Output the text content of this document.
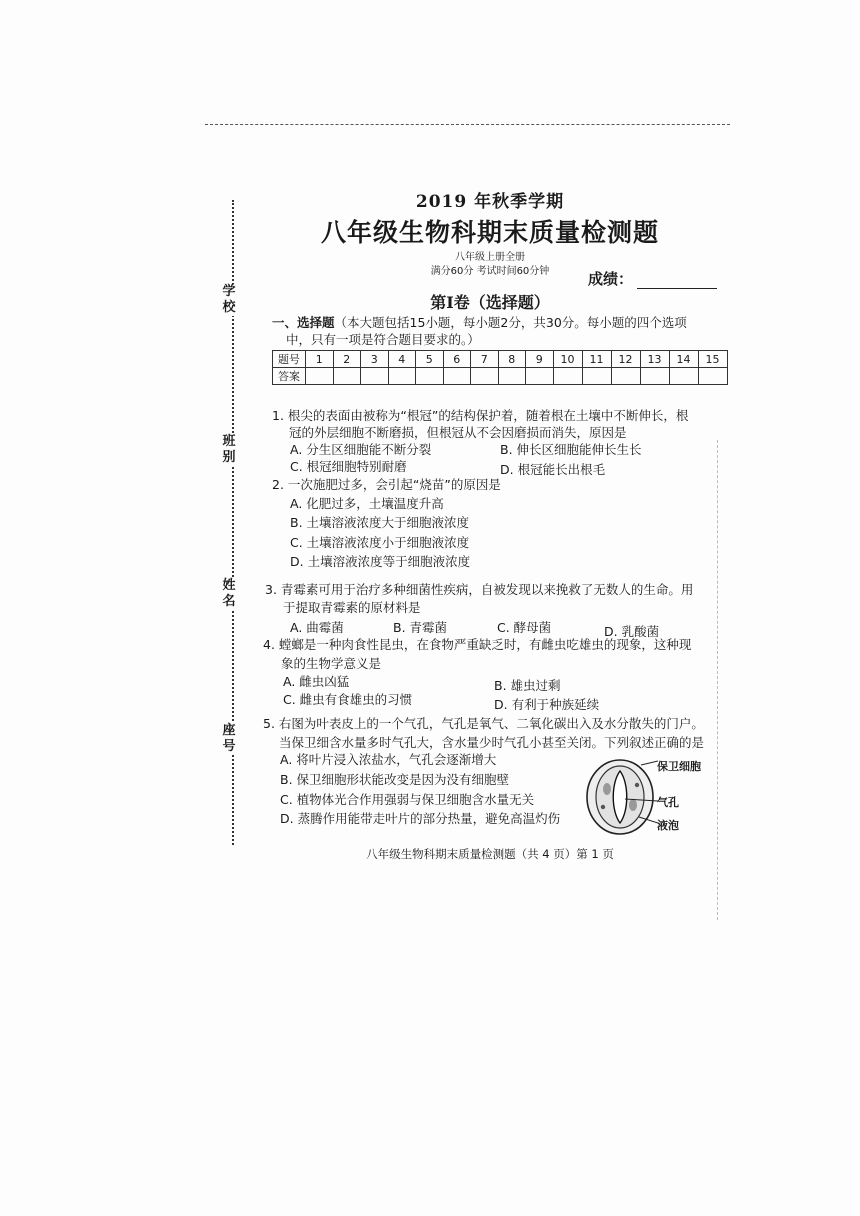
学校
班别
姓名
座号
2019 年秋季学期
八年级生物科期末质量检测题
八年级上册全册
满分60分 考试时间60分钟	成绩：
第Ⅰ卷（选择题）
一、选择题（本大题包括15小题，每小题2分，共30分。每小题的四个选项
中，只有一项是符合题目要求的。）
题号	1	2	3	4	5	6	7	8	9	10	11	12	13	14	15
答案															
1. 根尖的表面由被称为“根冠”的结构保护着，随着根在土壤中不断伸长，根
冠的外层细胞不断磨损，但根冠从不会因磨损而消失，原因是
A. 分生区细胞能不断分裂	B. 伸长区细胞能伸长生长
C. 根冠细胞特别耐磨	D. 根冠能长出根毛
2. 一次施肥过多，会引起“烧苗”的原因是
A. 化肥过多，土壤温度升高
B. 土壤溶液浓度大于细胞液浓度
C. 土壤溶液浓度小于细胞液浓度
D. 土壤溶液浓度等于细胞液浓度
3. 青霉素可用于治疗多种细菌性疾病，自被发现以来挽救了无数人的生命。用
于提取青霉素的原材料是
A. 曲霉菌	B. 青霉菌	C. 酵母菌	D. 乳酸菌
4. 螳螂是一种肉食性昆虫，在食物严重缺乏时，有雌虫吃雄虫的现象，这种现
象的生物学意义是
A. 雌虫凶猛	B. 雄虫过剩
C. 雌虫有食雄虫的习惯	D. 有利于种族延续
5. 右图为叶表皮上的一个气孔，气孔是氧气、二氧化碳出入及水分散失的门户。
当保卫细含水量多时气孔大，含水量少时气孔小甚至关闭。下列叙述正确的是
A. 将叶片浸入浓盐水，气孔会逐渐增大
B. 保卫细胞形状能改变是因为没有细胞壁
C. 植物体光合作用强弱与保卫细胞含水量无关
D. 蒸腾作用能带走叶片的部分热量，避免高温灼伤
保卫细胞
气孔
液泡
八年级生物科期末质量检测题（共 4 页）第 1 页
